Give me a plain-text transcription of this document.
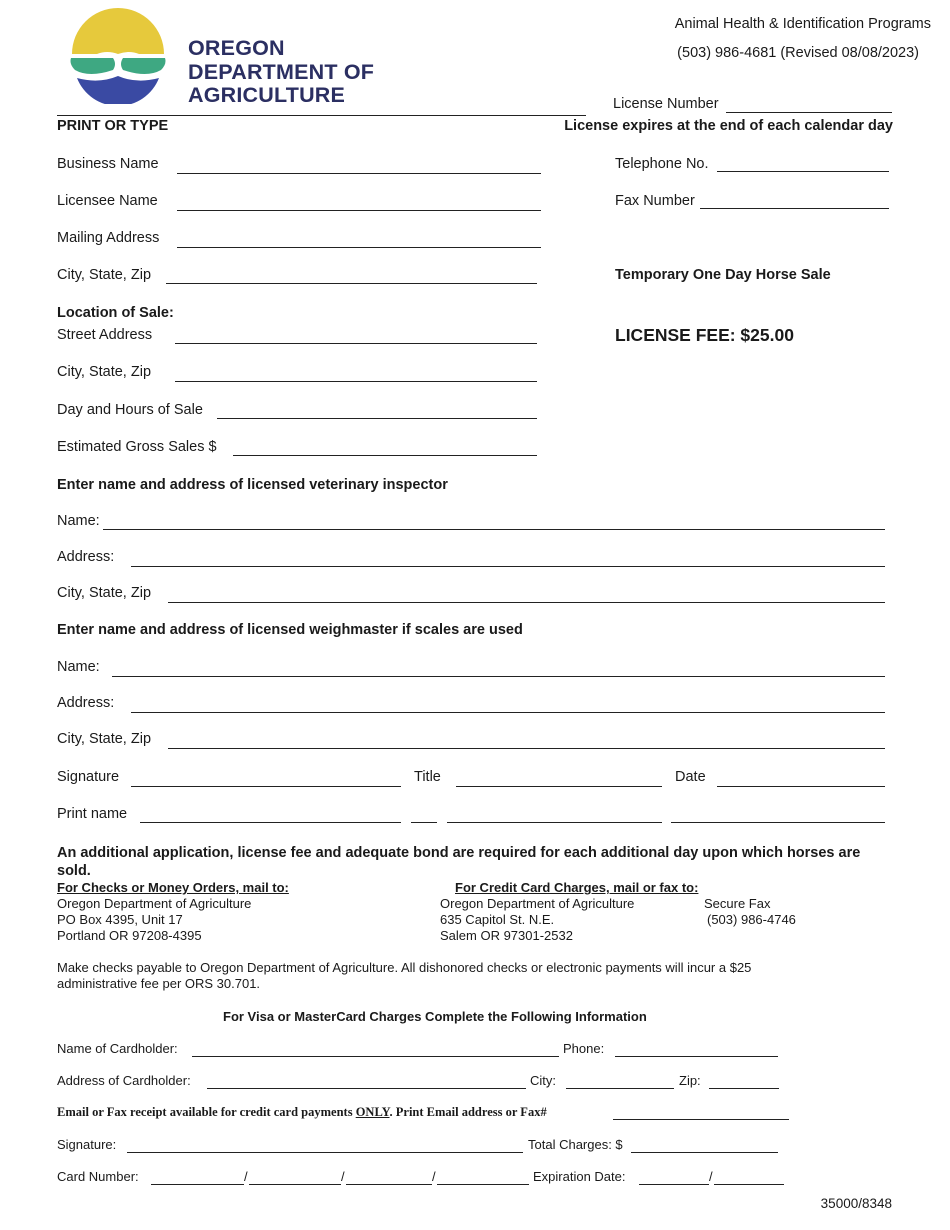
OREGON
DEPARTMENT OF
AGRICULTURE
Animal Health & Identification Programs
(503) 986-4681 (Revised 08/08/2023)
License Number
PRINT OR TYPE	License expires at the end of each calendar day
Business Name	Telephone No.
Licensee Name	Fax Number
Mailing Address
City, State, Zip	Temporary One Day Horse Sale
Location of Sale:
Street Address	LICENSE FEE: $25.00
City, State, Zip
Day and Hours of Sale
Estimated Gross Sales $
Enter name and address of licensed veterinary inspector
Name:
Address:
City, State, Zip
Enter name and address of licensed weighmaster if scales are used
Name:
Address:
City, State, Zip
Signature	Title	Date
Print name
An additional application, license fee and adequate bond are required for each additional day upon which horses are sold.
For Checks or Money Orders, mail to:
Oregon Department of Agriculture
PO Box 4395, Unit 17
Portland OR 97208-4395
For Credit Card Charges, mail or fax to:
Oregon Department of Agriculture
635 Capitol St. N.E.
Salem OR 97301-2532
Secure Fax
(503) 986-4746
Make checks payable to Oregon Department of Agriculture. All dishonored checks or electronic payments will incur a $25
administrative fee per ORS 30.701.
For Visa or MasterCard Charges Complete the Following Information
Name of Cardholder:	Phone:
Address of Cardholder:	City:	Zip:
Email or Fax receipt available for credit card payments ONLY. Print Email address or Fax#
Signature:	Total Charges: $
Card Number:	/	/	/	Expiration Date:	/
35000/8348
